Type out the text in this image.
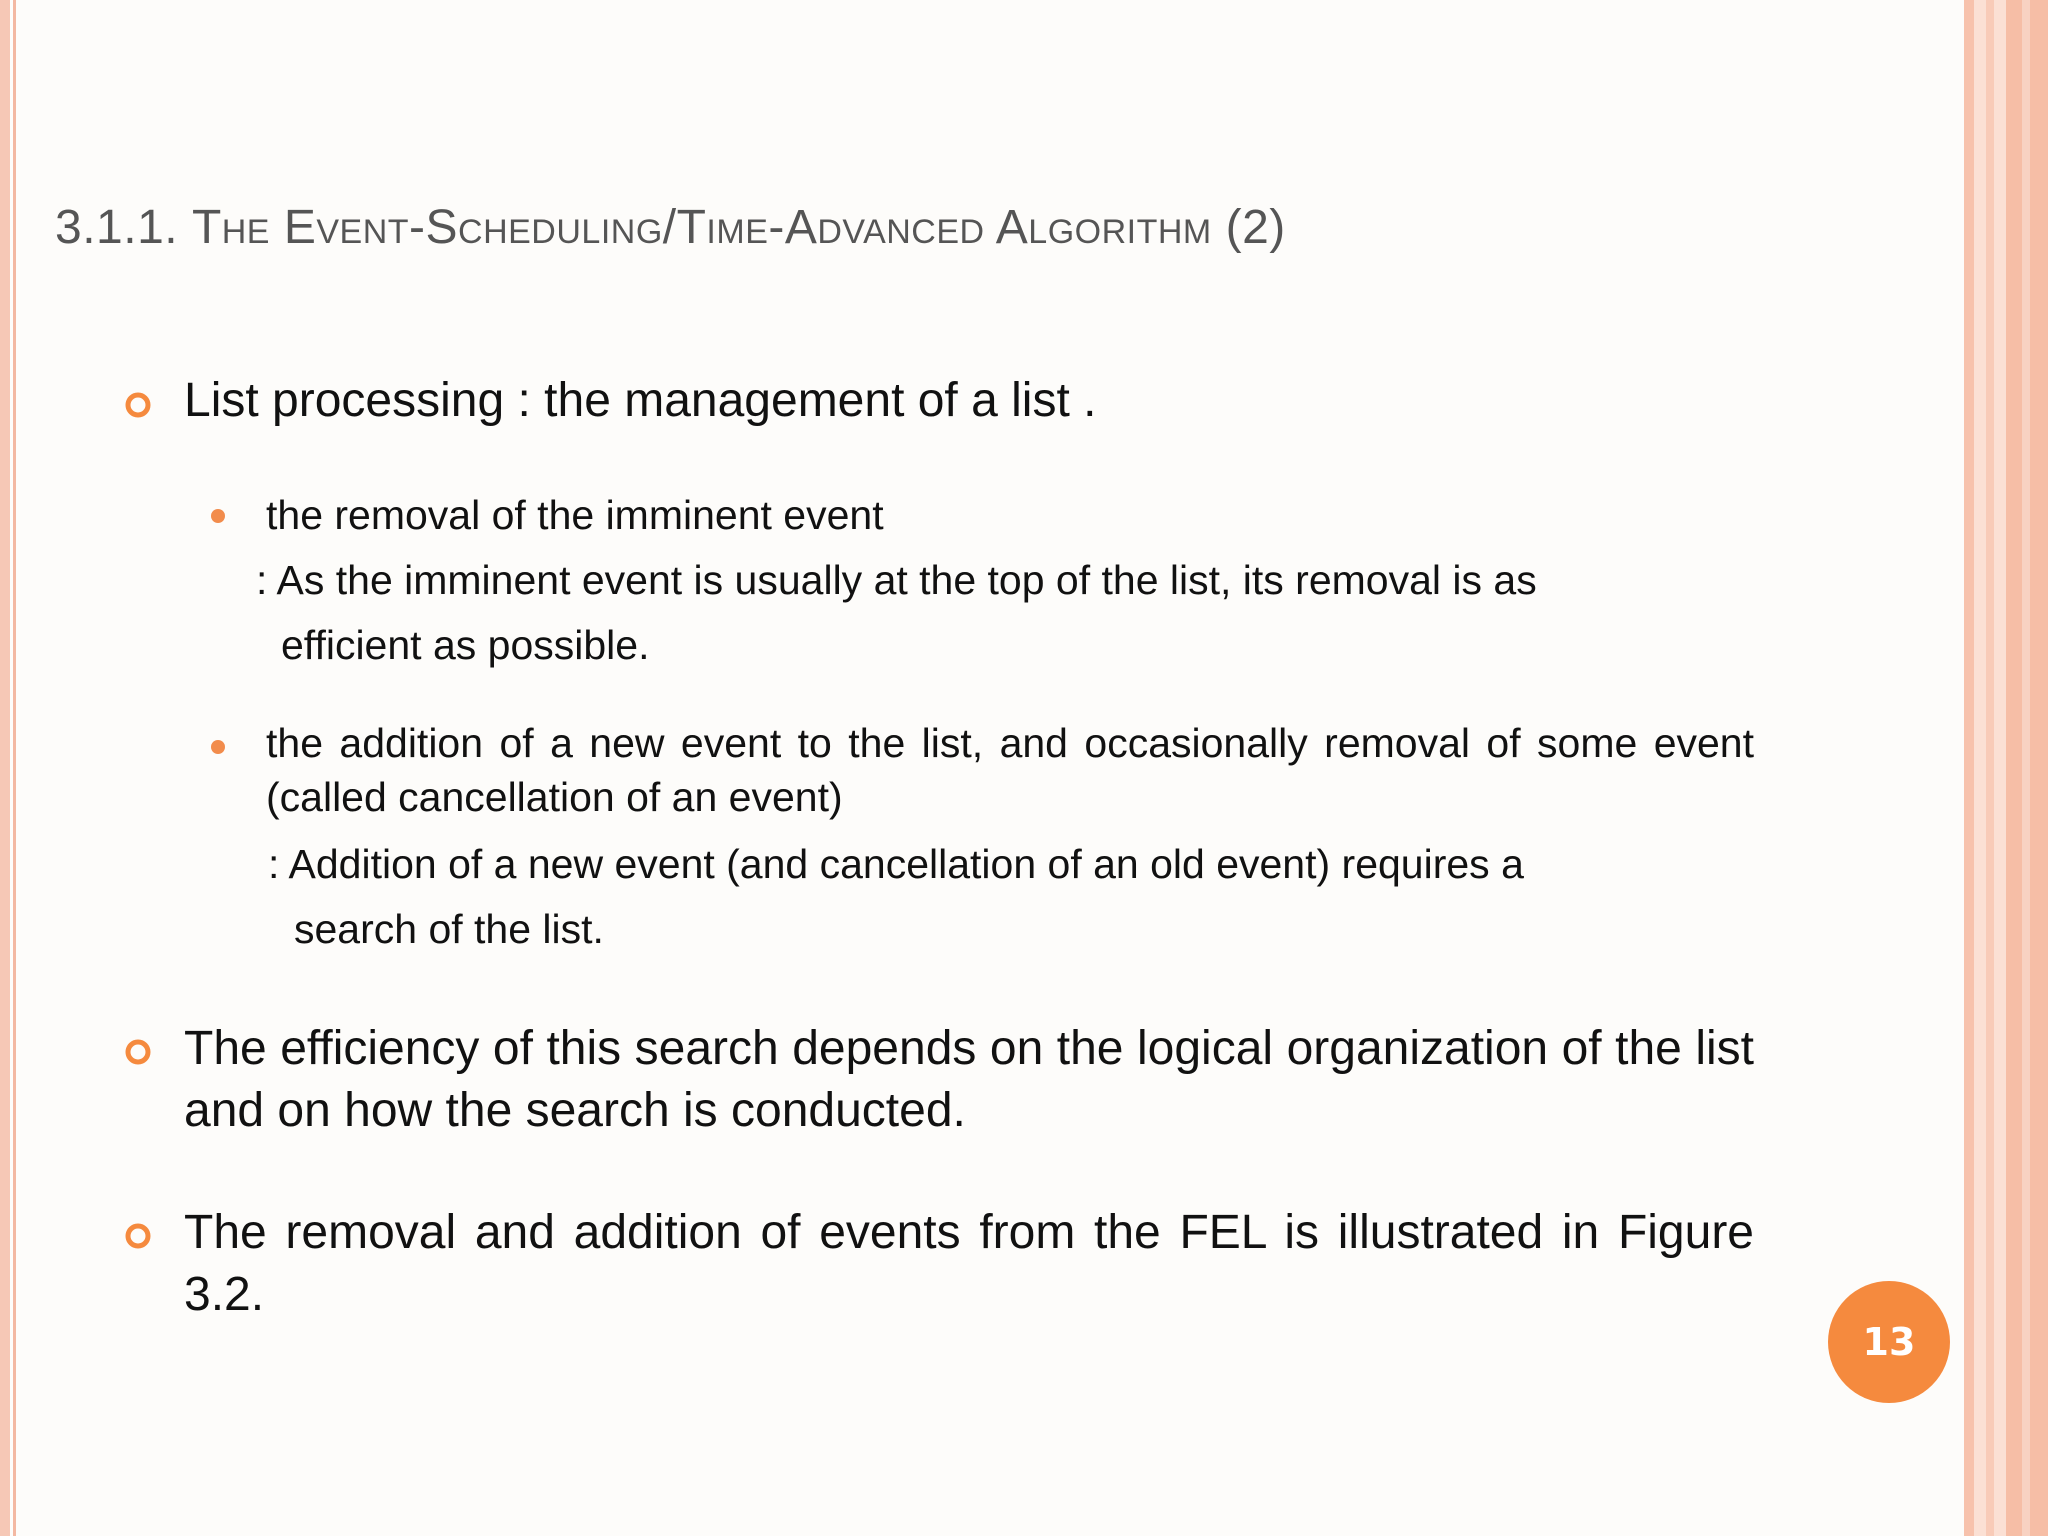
3.1.1. The Event-Scheduling/Time-Advanced Algorithm (2)
List processing : the management of a list .
the removal of the imminent event
: As the imminent event is usually at the top of the list, its removal is as
efficient as possible.
the addition of a new event to the list, and occasionally removal of some event (called cancellation of an event)
: Addition of a new event (and cancellation of an old event) requires a
search of the list.
The efficiency of this search depends on the logical organization of the list and on how the search is conducted.
The removal and addition of events from the FEL is illustrated in Figure 3.2.
13
